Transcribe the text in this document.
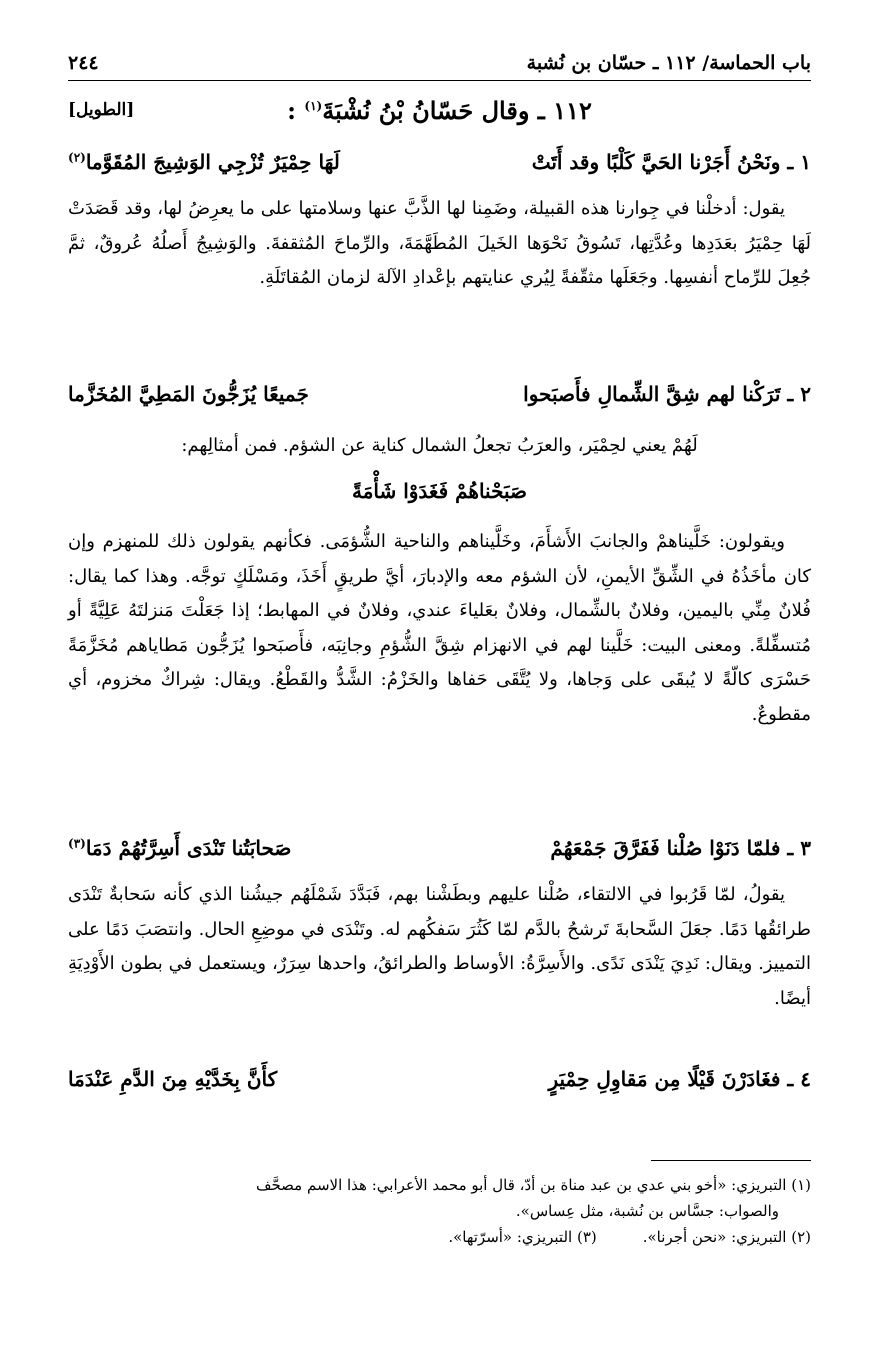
باب الحماسة/ ١١٢ ـ حسّان بن نُشبة
٢٤٤
١١٢ ـ وقال حَسّانُ بْنُ نُشْبَةَ$^{(١)}$ :
[الطويل]
١ ـ ونَحْنُ أَجَرْنا الحَيَّ كَلْبًا وقد أَتَتْ
لَهَا حِمْيَرٌ تُزْجِي الوَشِيجَ المُقَوَّما$^{(٢)}$

يقول: أدخلْنا في جِوارنا هذه القبيلة، وضَمِنا لها الذَّبَّ عنها وسلامتها على ما يعرِضُ لها، وقد قَصَدَتْ لَهَا حِمْيَرُ بعَدَدِها وعُدَّتِها، تَسُوقُ نَحْوَها الخَيلَ المُطَهَّمَةَ، والرِّماحَ المُثقفةَ. والوَشِيجُ أَصلُهُ عُروقٌ، ثمَّ جُعِلَ للرِّماح أنفسِها. وجَعَلَها مثقّفةً لِيُري عنايتهم بإعْدادِ الآلة لزمان المُقاتَلَةِ.

٢ ـ تَرَكْنا لهم شِقَّ الشِّمالِ فأَصبَحوا
جَميعًا يُزَجُّونَ المَطِيَّ المُخَزَّما
لَهُمْ يعني لحِمْيَر، والعرَبُ تجعلُ الشمال كناية عن الشؤم. فمن أمثالِهم:
صَبَحْناهُمْ فَغَدَوْا شَأْمَةً

ويقولون: خَلَّيناهمْ والجانبَ الأَشأَمَ، وخَلَّيناهم والناحية الشُّؤمَى. فكأنهم يقولون ذلك للمنهزم وإن كان مأخَذُهُ في الشِّقِّ الأيمنِ، لأن الشؤم معه والإدبارَ، أيَّ طريقٍ أَخَذَ، ومَسْلَكٍ توجَّه. وهذا كما يقال: فُلانٌ مِنِّي باليمين، وفلانٌ بالشِّمال، وفلانٌ بعَلياءَ عندي، وفلانٌ في المهابط؛ إذا جَعَلْتَ مَنزلتَهُ عَلِيَّةً أو مُتسفِّلةً. ومعنى البيت: خَلَّينا لهم في الانهزام شِقَّ الشُّؤمِ وجانِبَه، فأَصبَحوا يُزَجُّون مَطاياهم مُخَزَّمَةً حَسْرَى كالّةً لا يُبقَى على وَجاها، ولا يُتَّقَى حَفاها والخَزْمُ: الشَّدُّ والقَطْعُ. ويقال: شِراكٌ مخزوم، أي مقطوعٌ.

٣ ـ فلمّا دَنَوْا صُلْنا فَفَرَّقَ جَمْعَهُمْ
صَحابَتُنا تَنْدَى أَسِرَّتُهُمْ دَمَا$^{(٣)}$

يقولُ، لمّا قَرُبوا في الالتقاء، صُلْنا عليهم وبطَشْنا بهم، فَبَدَّدَ شَمْلَهُم جيشُنا الذي كأنه سَحابةٌ تَنْدَى طرائقُها دَمًا. جعَلَ السَّحابةَ تَرشحُ بالدَّم لمّا كَثُرَ سَفكُهم له. وتَنْدَى في موضِعِ الحال. وانتصَبَ دَمًا على التمييز. ويقال: نَدِيَ يَنْدَى نَدًى. والأَسِرَّةُ: الأوساط والطرائقُ، واحدها سِرَرٌ، ويستعمل في بطون الأَوْدِيَةِ أيضًا.

٤ ـ فغَادَرْنَ قَيْلًا مِن مَقاوِلِ حِمْيَرٍ
كأَنَّ بِخَدَّيْهِ مِنَ الدَّمِ عَنْدَمَا
(١) التبريزي: «أخو بني عدي بن عبد مناة بن أدّ، قال أبو محمد الأعرابي: هذا الاسم مصحَّف
والصواب: جسَّاس بن نُشبة، مثل عِساس».
(٢) التبريزي: «نحن أجرنا».
(٣) التبريزي: «أسرّتها».
